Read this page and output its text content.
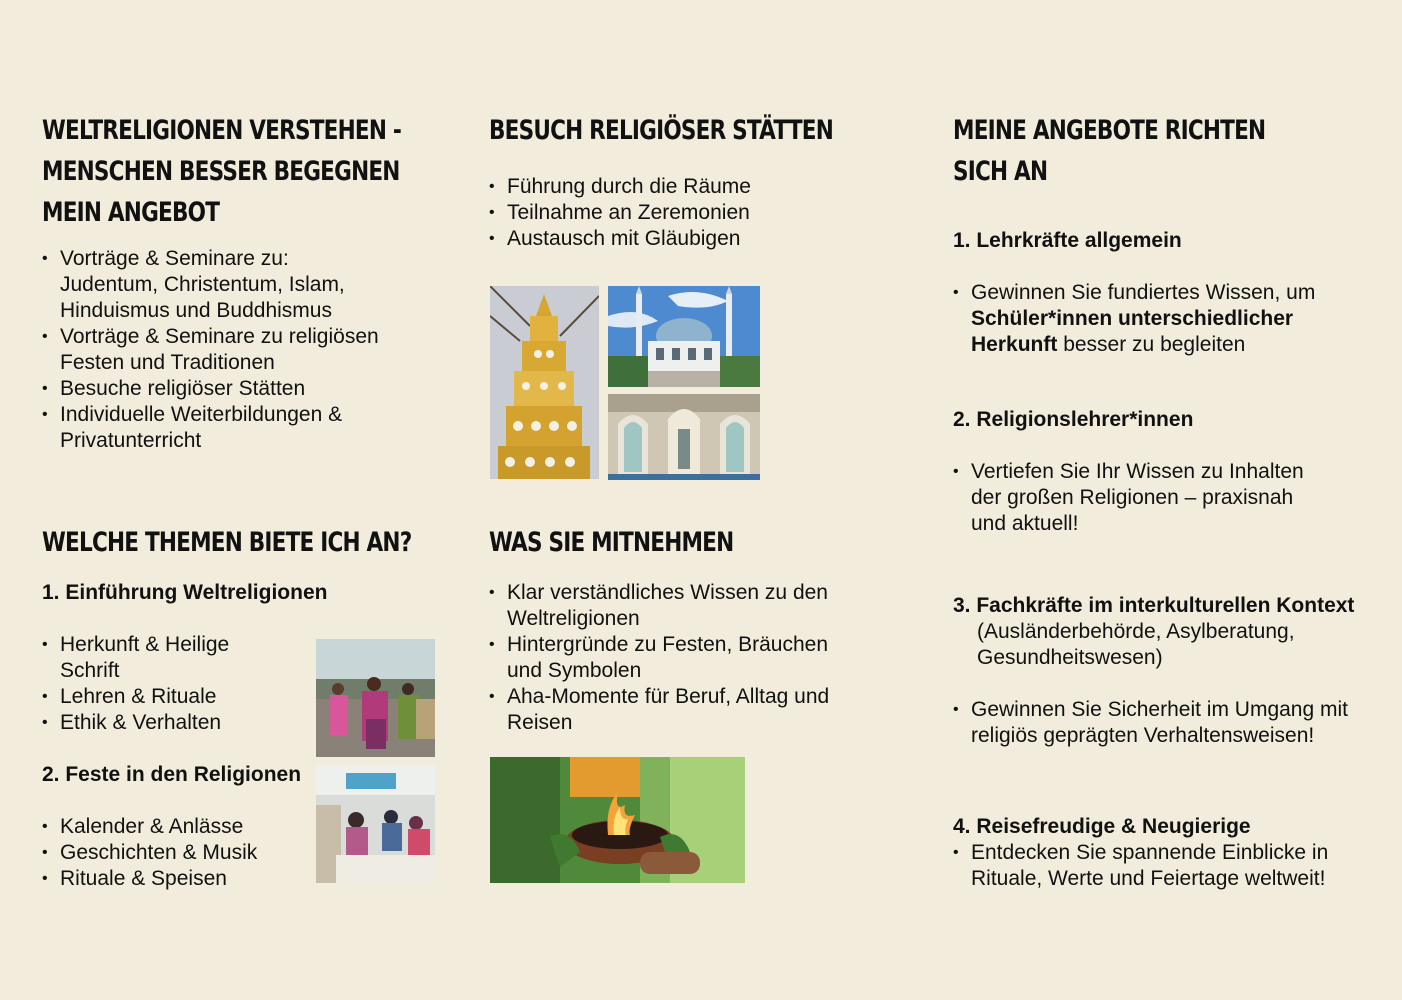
WELTRELIGIONEN VERSTEHEN -
MENSCHEN BESSER BEGEGNEN
MEIN ANGEBOT
• Vorträge & Seminare zu: Judentum, Christentum, Islam, Hinduismus und Buddhismus
• Vorträge & Seminare zu religiösen Festen und Traditionen
• Besuche religiöser Stätten
• Individuelle Weiterbildungen & Privatunterricht
WELCHE THEMEN BIETE ICH AN?

1. Einführung Weltreligionen

• Herkunft & Heilige Schrift
• Lehren & Rituale
• Ethik & Verhalten

2. Feste in den Religionen

• Kalender & Anlässe
• Geschichten & Musik
• Rituale & Speisen
BESUCH RELIGIÖSER STÄTTEN
• Führung durch die Räume
• Teilnahme an Zeremonien
• Austausch mit Gläubigen
WAS SIE MITNEHMEN
• Klar verständliches Wissen zu den Weltreligionen
• Hintergründe zu Festen, Bräuchen und Symbolen
• Aha-Momente für Beruf, Alltag und Reisen
MEINE ANGEBOTE RICHTEN
SICH AN

1. Lehrkräfte allgemein

• Gewinnen Sie fundiertes Wissen, um Schüler*innen unterschiedlicher Herkunft besser zu begleiten

2. Religionslehrer*innen

• Vertiefen Sie Ihr Wissen zu Inhalten der großen Religionen – praxisnah und aktuell!

3. Fachkräfte im interkulturellen Kontext

(Ausländerbehörde, Asylberatung, Gesundheitswesen)
• Gewinnen Sie Sicherheit im Umgang mit religiös geprägten Verhaltensweisen!

4. Reisefreudige & Neugierige

• Entdecken Sie spannende Einblicke in Rituale, Werte und Feiertage weltweit!
